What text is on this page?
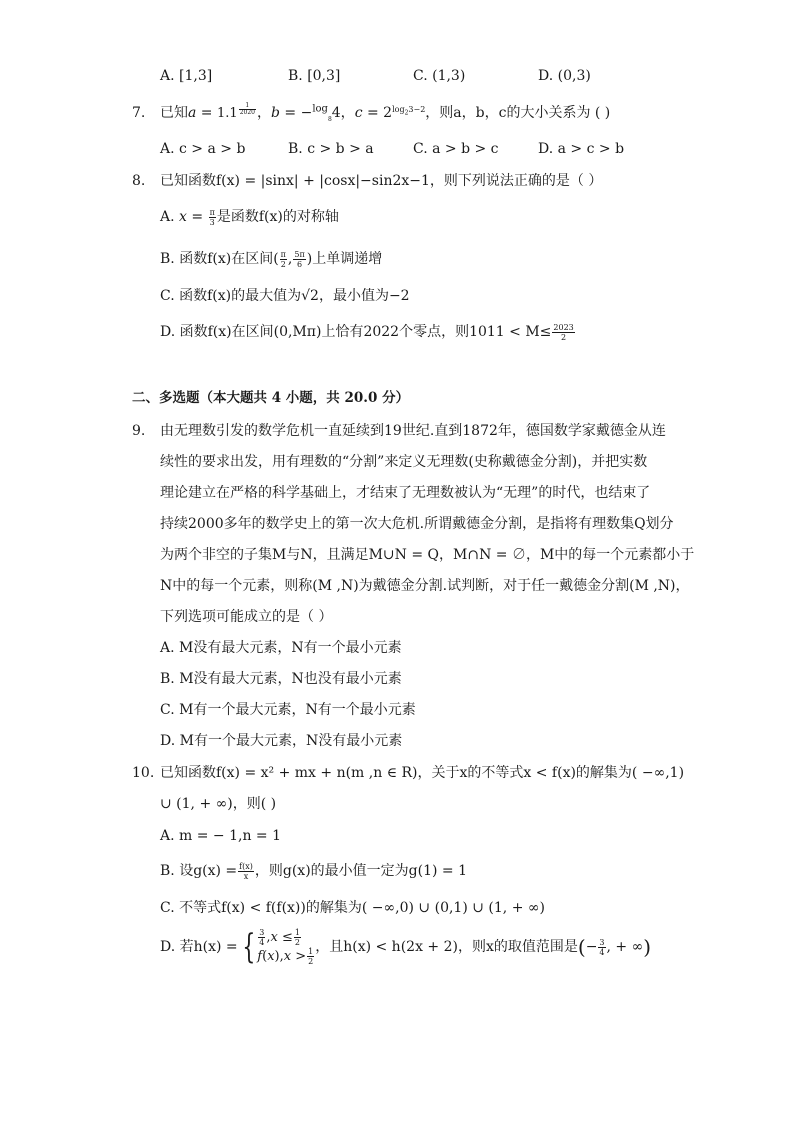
A. [1,3]	B. [0,3]	C. (1,3)	D. (0,3)
7. 已知a = 1.1 $^{\frac{1}{2020}}$ ，b = −$^{log}_8$4，$c = 2^{log_23-2}$，则a，b，c的大小关系为 ( )
A. c > a > b	B. c > b > a	C. a > b > c	D. a > c > b
8. 已知函数f(x) = |sinx| + |cosx|−sin2x−1，则下列说法正确的是（ ）
A. $x = \frac{\pi}{3}$ 是函数f(x)的对称轴
B. 函数f(x)在区间( $\frac{\pi}{2}$ , $\frac{5\pi}{6}$ )上单调递增
C. 函数f(x)的最大值为√2，最小值为−2
D. 函数f(x)在区间(0,Mπ)上恰有2022个零点，则$1011 < M\le \frac{2023}{2}$
二、多选题（本大题共 4 小题，共 20.0 分）
9. 由无理数引发的数学危机一直延续到19世纪.直到1872年，德国数学家戴德金从连
续性的要求出发，用有理数的“分割”来定义无理数(史称戴德金分割)，并把实数
理论建立在严格的科学基础上，才结束了无理数被认为“无理”的时代，也结束了
持续2000多年的数学史上的第一次大危机.所谓戴德金分割，是指将有理数集Q划分
为两个非空的子集M与N，且满足M∪N = Q，M∩N = ∅，M中的每一个元素都小于
N中的每一个元素，则称(M ,N)为戴德金分割.试判断，对于任一戴德金分割(M ,N)，
下列选项可能成立的是（ ）
A. M没有最大元素，N有一个最小元素
B. M没有最大元素，N也没有最小元素
C. M有一个最大元素，N有一个最小元素
D. M有一个最大元素，N没有最小元素
10. 已知函数f(x) = x² + mx + n(m ,n ∈ R)，关于x的不等式x < f(x)的解集为( −∞,1)
∪ (1, + ∞)，则( )
A. m = − 1,n = 1
B. 设$g(x) = \frac{f(x)}{x}$ ，则g(x)的最小值一定为g(1) = 1
C. 不等式f(x) < f(f(x))的解集为( −∞,0) ∪ (0,1) ∪ (1, + ∞)
D. 若h(x) = { $\frac{3}{4} ,x \le \frac{1}{2}$
$f(x),x > \frac{1}{2}$ ，且h(x) < h(2x + 2)，则x的取值范围是(− $\frac{3}{4}$ , + ∞)
